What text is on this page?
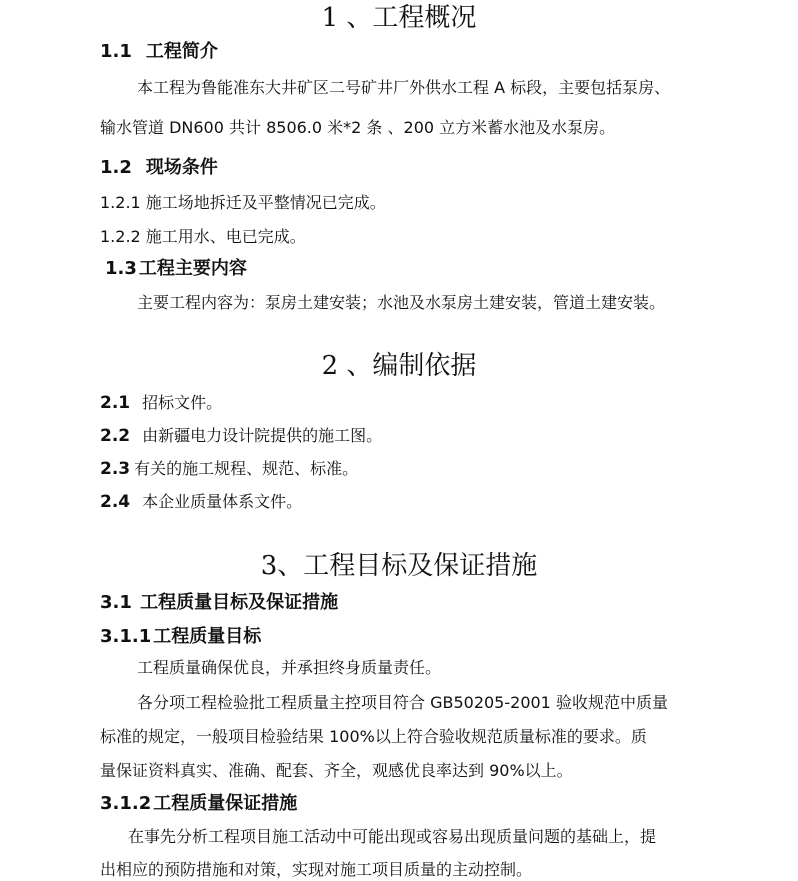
1 、工程概况
1.1 工程简介
本工程为鲁能准东大井矿区二号矿井厂外供水工程 A 标段，主要包括泵房、
输水管道 DN600 共计 8506.0 米*2 条 、200 立方米蓄水池及水泵房。
1.2 现场条件
1.2.1 施工场地拆迁及平整情况已完成。
1.2.2 施工用水、电已完成。
1.3 工程主要内容
主要工程内容为：泵房土建安装；水池及水泵房土建安装，管道土建安装。
2 、编制依据
2.1 招标文件。
2.2 由新疆电力设计院提供的施工图。
2.3 有关的施工规程、规范、标准。
2.4 本企业质量体系文件。
3、工程目标及保证措施
3.1 工程质量目标及保证措施
3.1.1 工程质量目标
工程质量确保优良，并承担终身质量责任。
各分项工程检验批工程质量主控项目符合 GB50205-2001 验收规范中质量
标准的规定，一般项目检验结果 100%以上符合验收规范质量标准的要求。质
量保证资料真实、准确、配套、齐全，观感优良率达到 90%以上。
3.1.2 工程质量保证措施
在事先分析工程项目施工活动中可能出现或容易出现质量问题的基础上，提
出相应的预防措施和对策，实现对施工项目质量的主动控制。
